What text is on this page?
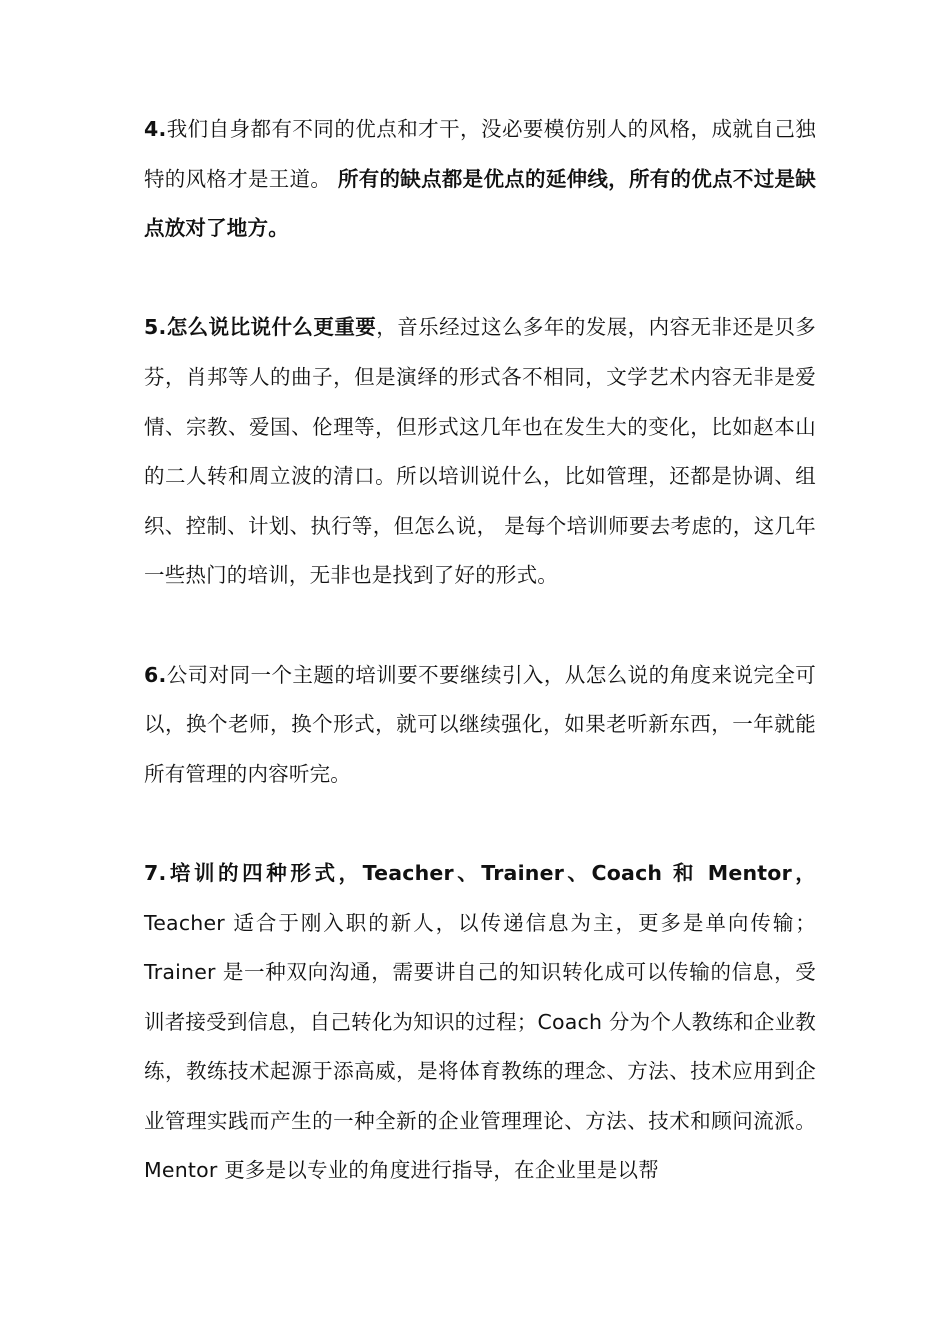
4.我们自身都有不同的优点和才干，没必要模仿别人的风格，成就自己独特的风格才是王道。 所有的缺点都是优点的延伸线，所有的优点不过是缺点放对了地方。

5.怎么说比说什么更重要，音乐经过这么多年的发展，内容无非还是贝多芬，肖邦等人的曲子，但是演绎的形式各不相同，文学艺术内容无非是爱情、宗教、爱国、伦理等，但形式这几年也在发生大的变化，比如赵本山的二人转和周立波的清口。所以培训说什么，比如管理，还都是协调、组织、控制、计划、执行等，但怎么说， 是每个培训师要去考虑的，这几年一些热门的培训，无非也是找到了好的形式。

6.公司对同一个主题的培训要不要继续引入，从怎么说的角度来说完全可以，换个老师，换个形式，就可以继续强化，如果老听新东西，一年就能所有管理的内容听完。

7.培训的四种形式，Teacher、Trainer、Coach 和 Mentor，Teacher 适合于刚入职的新人，以传递信息为主，更多是单向传输；Trainer 是一种双向沟通，需要讲自己的知识转化成可以传输的信息，受训者接受到信息，自己转化为知识的过程；Coach 分为个人教练和企业教练，教练技术起源于添高威，是将体育教练的理念、方法、技术应用到企业管理实践而产生的一种全新的企业管理理论、方法、技术和顾问流派。Mentor 更多是以专业的角度进行指导，在企业里是以帮
